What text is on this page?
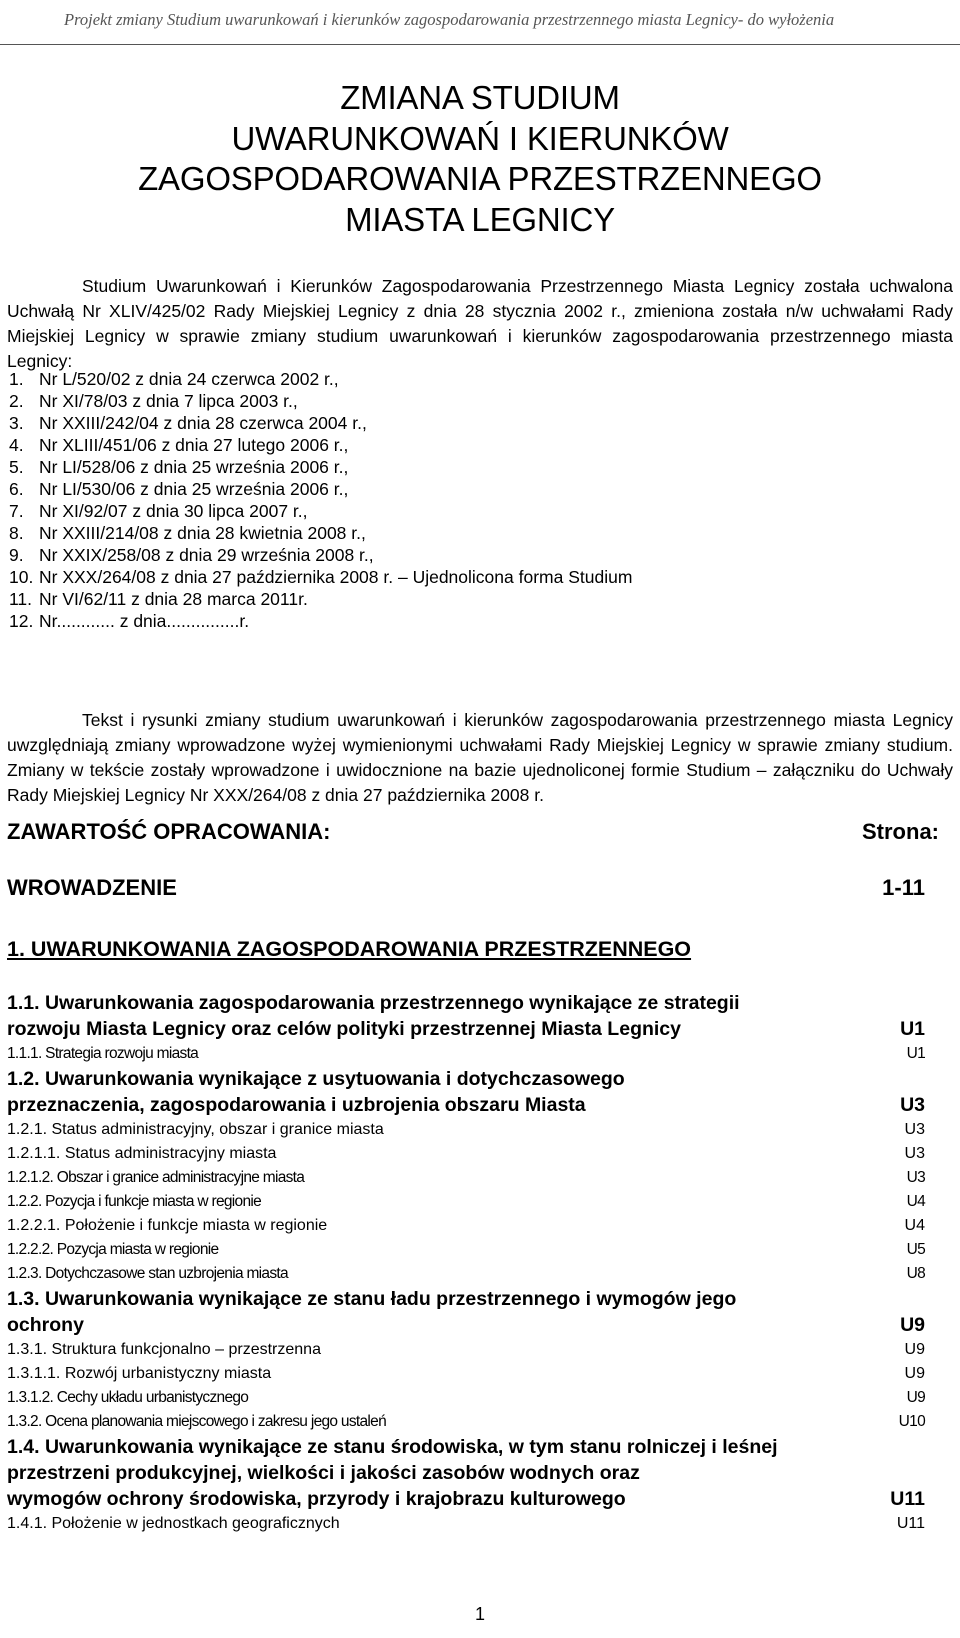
Projekt zmiany Studium uwarunkowań i kierunków zagospodarowania przestrzennego miasta Legnicy- do wyłożenia
ZMIANA STUDIUM
UWARUNKOWAŃ I KIERUNKÓW
ZAGOSPODAROWANIA PRZESTRZENNEGO
MIASTA LEGNICY

Studium Uwarunkowań i Kierunków Zagospodarowania Przestrzennego Miasta Legnicy została uchwalona Uchwałą Nr XLIV/425/02 Rady Miejskiej Legnicy z dnia 28 stycznia 2002 r., zmieniona została n/w uchwałami Rady Miejskiej Legnicy w sprawie zmiany studium uwarunkowań i kierunków zagospodarowania przestrzennego miasta Legnicy:

1. Nr L/520/02 z dnia 24 czerwca 2002 r.,
2. Nr XI/78/03 z dnia 7 lipca 2003 r.,
3. Nr XXIII/242/04 z dnia 28 czerwca 2004 r.,
4. Nr XLIII/451/06 z dnia 27 lutego 2006 r.,
5. Nr LI/528/06 z dnia 25 września 2006 r.,
6. Nr LI/530/06 z dnia 25 września 2006 r.,
7. Nr XI/92/07 z dnia 30 lipca 2007 r.,
8. Nr XXIII/214/08 z dnia 28 kwietnia 2008 r.,
9. Nr XXIX/258/08 z dnia 29 września 2008 r.,
10. Nr XXX/264/08 z dnia 27 października 2008 r. – Ujednolicona forma Studium
11. Nr VI/62/11 z dnia 28 marca 2011r.
12. Nr............ z dnia...............r.

Tekst i rysunki zmiany studium uwarunkowań i kierunków zagospodarowania przestrzennego miasta Legnicy uwzględniają zmiany wprowadzone wyżej wymienionymi uchwałami Rady Miejskiej Legnicy w sprawie zmiany studium. Zmiany w tekście zostały wprowadzone i uwidocznione na bazie ujednoliconej formie Studium – załączniku do Uchwały Rady Miejskiej Legnicy Nr XXX/264/08 z dnia 27 października 2008 r.

ZAWARTOŚĆ OPRACOWANIA:	Strona:
WROWADZENIE	1-11
1. UWARUNKOWANIA ZAGOSPODAROWANIA PRZESTRZENNEGO
1.1. Uwarunkowania zagospodarowania przestrzennego wynikające ze strategii
rozwoju Miasta Legnicy oraz celów polityki przestrzennej Miasta Legnicy	U1
1.1.1. Strategia rozwoju miasta	U1
1.2. Uwarunkowania wynikające z usytuowania i dotychczasowego
przeznaczenia, zagospodarowania i uzbrojenia obszaru Miasta	U3
1.2.1. Status administracyjny, obszar i granice miasta	U3
1.2.1.1. Status administracyjny miasta	U3
1.2.1.2. Obszar i granice administracyjne miasta	U3
1.2.2. Pozycja i funkcje miasta w regionie	U4
1.2.2.1. Położenie i funkcje miasta w regionie	U4
1.2.2.2. Pozycja miasta w regionie	U5
1.2.3. Dotychczasowe stan uzbrojenia miasta	U8
1.3. Uwarunkowania wynikające ze stanu ładu przestrzennego i wymogów jego
ochrony	U9
1.3.1. Struktura funkcjonalno – przestrzenna	U9
1.3.1.1. Rozwój urbanistyczny miasta	U9
1.3.1.2. Cechy układu urbanistycznego	U9
1.3.2. Ocena planowania miejscowego i zakresu jego ustaleń	U10
1.4. Uwarunkowania wynikające ze stanu środowiska, w tym stanu rolniczej i leśnej
przestrzeni produkcyjnej, wielkości i jakości zasobów wodnych oraz
wymogów ochrony środowiska, przyrody i krajobrazu kulturowego	U11
1.4.1. Położenie w jednostkach geograficznych	U11
1
